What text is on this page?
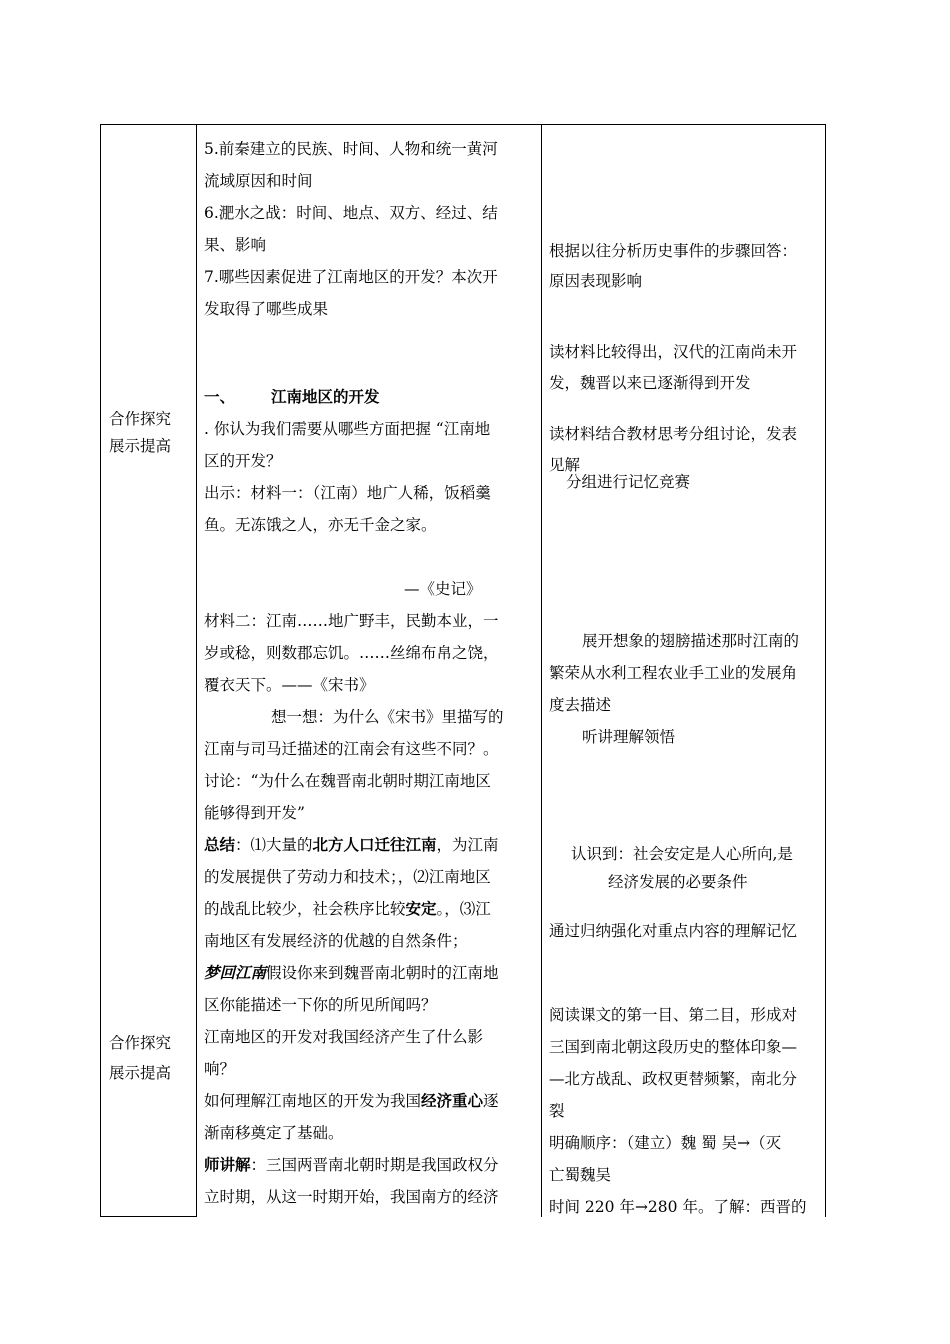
合作探究
展示提高
合作探究
展示提高
5.前秦建立的民族、时间、人物和统一黄河
流域原因和时间
6.淝水之战：时间、地点、双方、经过、结
果、影响
7.哪些因素促进了江南地区的开发？本次开
发取得了哪些成果
一、 江南地区的开发
. 你认为我们需要从哪些方面把握 “江南地
区的开发？
出示：材料一：（江南）地广人稀，饭稻羹
鱼。无冻饿之人，亦无千金之家。
—《史记》
材料二：江南……地广野丰，民勤本业，一
岁或稔，则数郡忘饥。……丝绵布帛之饶，
覆衣天下。——《宋书》
想一想：为什么《宋书》里描写的
江南与司马迁描述的江南会有这些不同？。
讨论：“为什么在魏晋南北朝时期江南地区
能够得到开发”
总结：⑴大量的北方人口迁往江南，为江南
的发展提供了劳动力和技术；，⑵江南地区
的战乱比较少，社会秩序比较安定。，⑶江
南地区有发展经济的优越的自然条件；
梦回江南假设你来到魏晋南北朝时的江南地
区你能描述一下你的所见所闻吗？
江南地区的开发对我国经济产生了什么影
响？
如何理解江南地区的开发为我国经济重心逐
渐南移奠定了基础。
师讲解：三国两晋南北朝时期是我国政权分
立时期，从这一时期开始，我国南方的经济
根据以往分析历史事件的步骤回答：
原因表现影响
读材料比较得出，汉代的江南尚未开
发，魏晋以来已逐渐得到开发
读材料结合教材思考分组讨论，发表
见解
分组进行记忆竞赛
展开想象的翅膀描述那时江南的
繁荣从水利工程农业手工业的发展角
度去描述
听讲理解领悟
认识到：社会安定是人心所向,是
经济发展的必要条件
通过归纳强化对重点内容的理解记忆
阅读课文的第一目、第二目，形成对
三国到南北朝这段历史的整体印象—
—北方战乱、政权更替频繁，南北分
裂
明确顺序：（建立）魏 蜀 吴→（灭
亡蜀魏吴
时间 220 年→280 年。了解：西晋的
